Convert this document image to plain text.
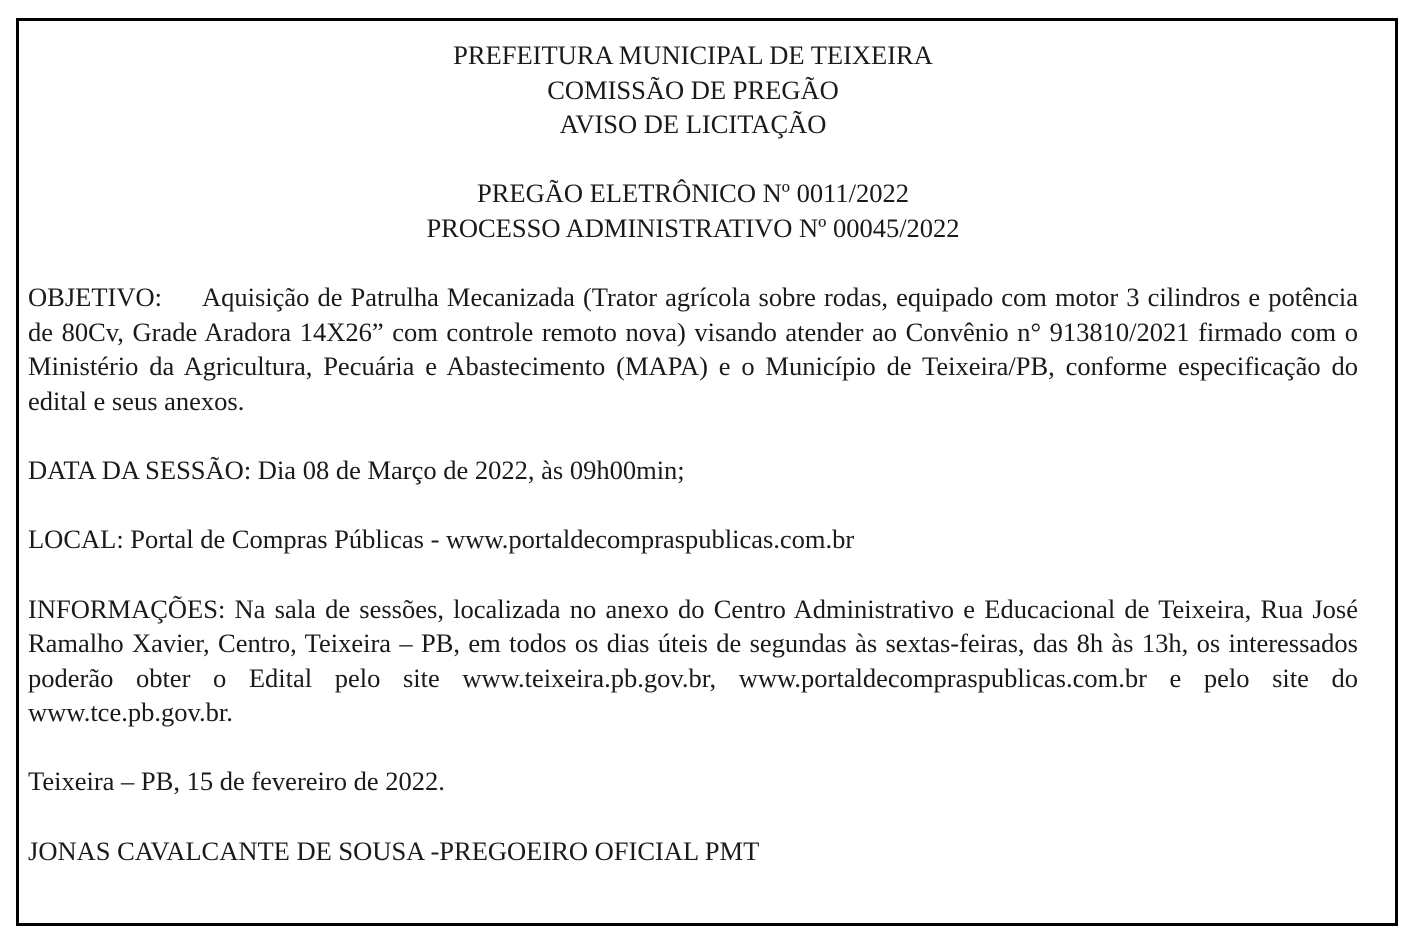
PREFEITURA MUNICIPAL DE TEIXEIRA

COMISSÃO DE PREGÃO

AVISO DE LICITAÇÃO

PREGÃO ELETRÔNICO Nº 0011/2022

PROCESSO ADMINISTRATIVO Nº 00045/2022

OBJETIVO: Aquisição de Patrulha Mecanizada (Trator agrícola sobre rodas, equipado com motor 3 cilindros e potência de 80Cv, Grade Aradora 14X26” com controle remoto nova) visando atender ao Convênio n° 913810/2021 firmado com o Ministério da Agricultura, Pecuária e Abastecimento (MAPA) e o Município de Teixeira/PB, conforme especificação do edital e seus anexos.

DATA DA SESSÃO: Dia 08 de Março de 2022, às 09h00min;

LOCAL: Portal de Compras Públicas - www.portaldecompraspublicas.com.br

INFORMAÇÕES: Na sala de sessões, localizada no anexo do Centro Administrativo e Educacional de Teixeira, Rua José Ramalho Xavier, Centro, Teixeira – PB, em todos os dias úteis de segundas às sextas-feiras, das 8h às 13h, os interessados poderão obter o Edital pelo site www.teixeira.pb.gov.br, www.portaldecompraspublicas.com.br e pelo site do www.tce.pb.gov.br.

Teixeira – PB, 15 de fevereiro de 2022.

JONAS CAVALCANTE DE SOUSA -PREGOEIRO OFICIAL PMT
